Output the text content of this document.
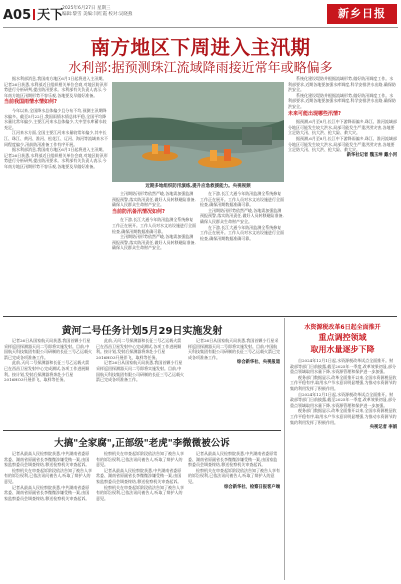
A05 天下
2025年6月27日 星期三
编辑:黎雪 美编:闫红霞 校对:吴晓燕	新乡日报
南方地区下周进入主汛期
水利部:据预测珠江流域降雨接近常年或略偏多

据水利部消息,我国南方地区6月1日起将进入主汛期。记者26日获悉,水利部近日组织相关单位会商,对地区防汛形势进行分析研判,提出防汛要求。水利部有关负责人表示,今年南方地区汛期形势不容乐观,各地要及早做好准备。

当前我国雨情水情如何?

今年以来,全国降水总体偏少且分布不均,预测主汛期降水偏多。截至5月22日,我国雨情水情总体平稳,全国平均降水量比常年偏少,主要江河来水总体偏少,大中型水库蓄水较充足。

江河来水方面,全国主要江河来水量较常年偏少,其中长江、珠江、黄河、淮河、松花江、辽河、海河等流域来水不同程度偏少,汛前防汛准备工作有序开展。

据水利部消息,我国南方地区6月1日起将进入主汛期。记者26日获悉,水利部近日组织相关单位会商,对地区防汛形势进行分析研判,提出防汛要求。水利部有关负责人表示,今年南方地区汛期形势不容乐观,各地要及早做好准备。

近期多地组织防汛演练,提升应急救援能力。央视视频

主汛期防汛形势依然严峻,各地需加强监测预报预警,落实防汛责任,做好人员转移避险准备,确保人民群众生命财产安全。

当前防汛备汛情况如何?

在下游,长江大通今年防汛监测全系统修复工作正在展开。工作人员对水文站设施进行全面检查,确保汛期数据准确可靠。

主汛期防汛形势依然严峻,各地需加强监测预报预警,落实防汛责任,做好人员转移避险准备,确保人民群众生命财产安全。

在下游,长江大通今年防汛监测全系统修复工作正在展开。工作人员对水文站设施进行全面检查,确保汛期数据准确可靠。

主汛期防汛形势依然严峻,各地需加强监测预报预警,落实防汛责任,做好人员转移避险准备,确保人民群众生命财产安全。

在下游,长江大通今年防汛监测全系统修复工作正在展开。工作人员对水文站设施进行全面检查,确保汛期数据准确可靠。

系统化建设堤防并根据流域形势,做好防汛调度工作。水利部要求,近期各地要加强水库调度,科学安排洪水出路,确保防洪安全。

系统化建设堤防并根据流域形势,做好防汛调度工作。水利部要求,近期各地要加强水库调度,科学安排洪水出路,确保防洪安全。

未来可能出现哪些汛情?

据预测,6月至8月,长江中下游降雨偏多,珠江、淮河流域部分地区可能发生较大洪水,局部可能发生严重洪涝灾害,各地要立足防大汛、抗大洪、抢大险、救大灾。

据预测,6月至8月,长江中下游降雨偏多,珠江、淮河流域部分地区可能发生较大洪水,局部可能发生严重洪涝灾害,各地要立足防大汛、抗大洪、抢大险、救大灾。

新华社记者 魏玉坤 戴小河
黄河二号任务计划5月29日实施发射

记者26日从国家航天局获悉,我国首颗小行星采样返回探测器天问二号即将实施发射。目前,中国航天科技集团有限公司研制的长征三号乙运载火箭已完成各项准备工作。

此前,天问二号探测器和长征三号乙运载火箭已在西昌卫星发射中心完成测试,各项工作进展顺利。按计划,发射后探测器将奔赴小行星2016HO3开展伴飞、取样等任务。

此前,天问二号探测器和长征三号乙运载火箭已在西昌卫星发射中心完成测试,各项工作进展顺利。按计划,发射后探测器将奔赴小行星2016HO3开展伴飞、取样等任务。

记者26日从国家航天局获悉,我国首颗小行星采样返回探测器天问二号即将实施发射。目前,中国航天科技集团有限公司研制的长征三号乙运载火箭已完成各项准备工作。

记者26日从国家航天局获悉,我国首颗小行星采样返回探测器天问二号即将实施发射。目前,中国航天科技集团有限公司研制的长征三号乙运载火箭已完成各项准备工作。

综合新华社、央视报道
大搞"全家腐",正部级"老虎"李微微被公诉

记者从最高人民检察院获悉,中共湖南省委原常委、湖南省原副省长李微微涉嫌受贿一案,由国家监察委员会调查终结,移送检察机关审查起诉。

检察机关在审查起诉阶段依法告知了被告人享有的诉讼权利,已依法讯问被告人,听取了辩护人的意见。

记者从最高人民检察院获悉,中共湖南省委原常委、湖南省原副省长李微微涉嫌受贿一案,由国家监察委员会调查终结,移送检察机关审查起诉。

检察机关在审查起诉阶段依法告知了被告人享有的诉讼权利,已依法讯问被告人,听取了辩护人的意见。

记者从最高人民检察院获悉,中共湖南省委原常委、湖南省原副省长李微微涉嫌受贿一案,由国家监察委员会调查终结,移送检察机关审查起诉。

检察机关在审查起诉阶段依法告知了被告人享有的诉讼权利,已依法讯问被告人,听取了辩护人的意见。

记者从最高人民检察院获悉,中共湖南省委原常委、湖南省原副省长李微微涉嫌受贿一案,由国家监察委员会调查终结,移送检察机关审查起诉。

检察机关在审查起诉阶段依法告知了被告人享有的诉讼权利,已依法讯问被告人,听取了辩护人的意见。

综合新华社、检察日报客户端
水资源税改革6日起全面推开
重点调控领域
取用水量逐步下降

自2024年12月1日起,水资源税改革试点全面推开。财政部等部门日前披露,截至2025年一季度,改革效果初显,部分重点领域取用水量下降,水资源管理和保护进一步加强。

税务部门数据显示,改革全面推开以来,全国水资源税征收工作平稳有序,取用水户节水意识明显增强,为推动水资源节约集约利用发挥了积极作用。

自2024年12月1日起,水资源税改革试点全面推开。财政部等部门日前披露,截至2025年一季度,改革效果初显,部分重点领域取用水量下降,水资源管理和保护进一步加强。

税务部门数据显示,改革全面推开以来,全国水资源税征收工作平稳有序,取用水户节水意识明显增强,为推动水资源节约集约利用发挥了积极作用。

央视记者 李娟
